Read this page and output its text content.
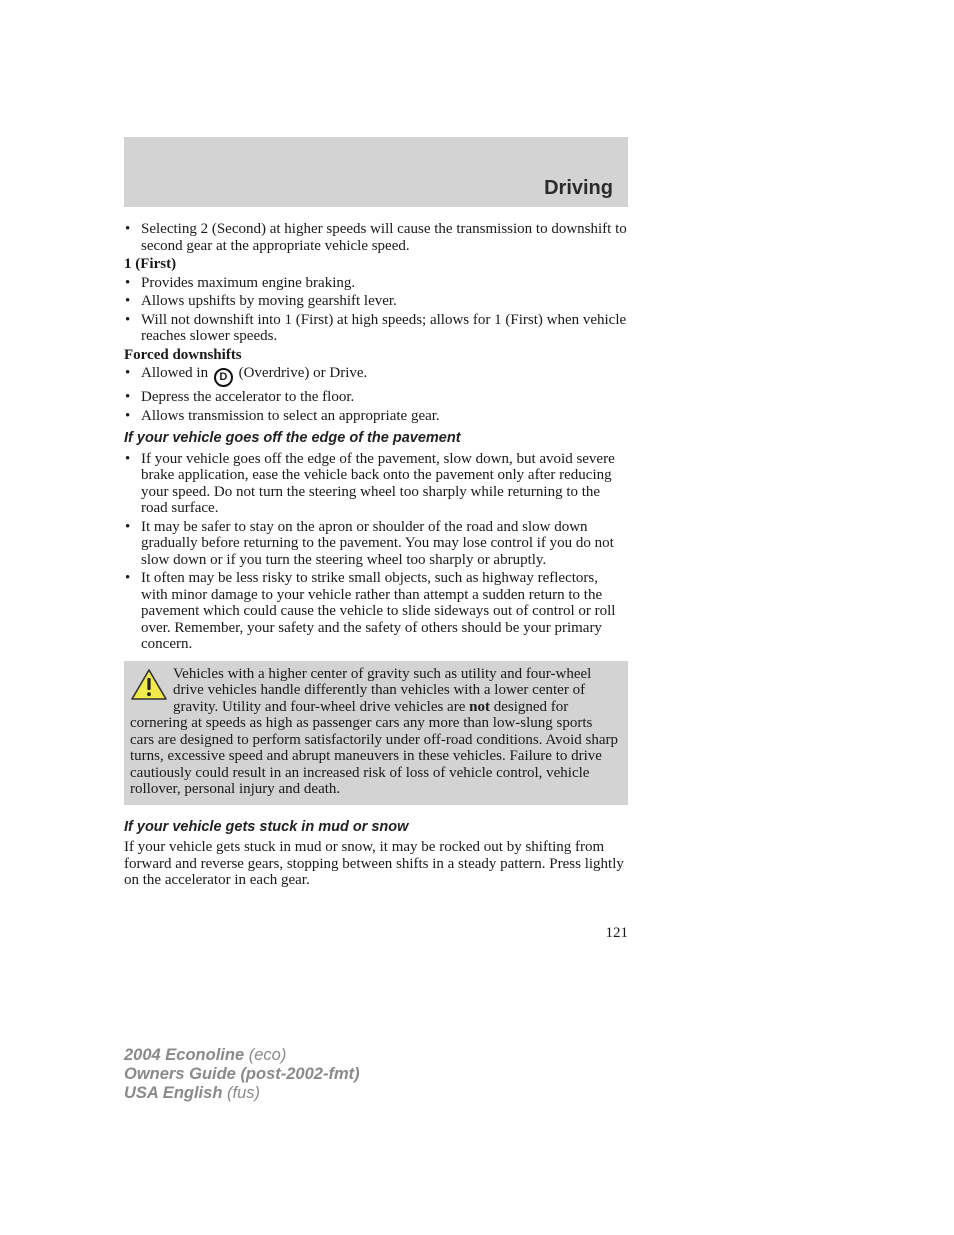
Driving
• Selecting 2 (Second) at higher speeds will cause the transmission to downshift to second gear at the appropriate vehicle speed.
1 (First)
• Provides maximum engine braking.
• Allows upshifts by moving gearshift lever.
• Will not downshift into 1 (First) at high speeds; allows for 1 (First) when vehicle reaches slower speeds.
Forced downshifts
• Allowed in D (Overdrive) or Drive.
• Depress the accelerator to the floor.
• Allows transmission to select an appropriate gear.
If your vehicle goes off the edge of the pavement
• If your vehicle goes off the edge of the pavement, slow down, but avoid severe brake application, ease the vehicle back onto the pavement only after reducing your speed. Do not turn the steering wheel too sharply while returning to the road surface.
• It may be safer to stay on the apron or shoulder of the road and slow down gradually before returning to the pavement. You may lose control if you do not slow down or if you turn the steering wheel too sharply or abruptly.
• It often may be less risky to strike small objects, such as highway reflectors, with minor damage to your vehicle rather than attempt a sudden return to the pavement which could cause the vehicle to slide sideways out of control or roll over. Remember, your safety and the safety of others should be your primary concern.

Vehicles with a higher center of gravity such as utility and four-wheel drive vehicles handle differently than vehicles with a lower center of gravity. Utility and four-wheel drive vehicles are not designed for cornering at speeds as high as passenger cars any more than low-slung sports cars are designed to perform satisfactorily under off-road conditions. Avoid sharp turns, excessive speed and abrupt maneuvers in these vehicles. Failure to drive cautiously could result in an increased risk of loss of vehicle control, vehicle rollover, personal injury and death.

If your vehicle gets stuck in mud or snow

If your vehicle gets stuck in mud or snow, it may be rocked out by shifting from forward and reverse gears, stopping between shifts in a steady pattern. Press lightly on the accelerator in each gear.

121
2004 Econoline (eco)
Owners Guide (post-2002-fmt)
USA English (fus)
